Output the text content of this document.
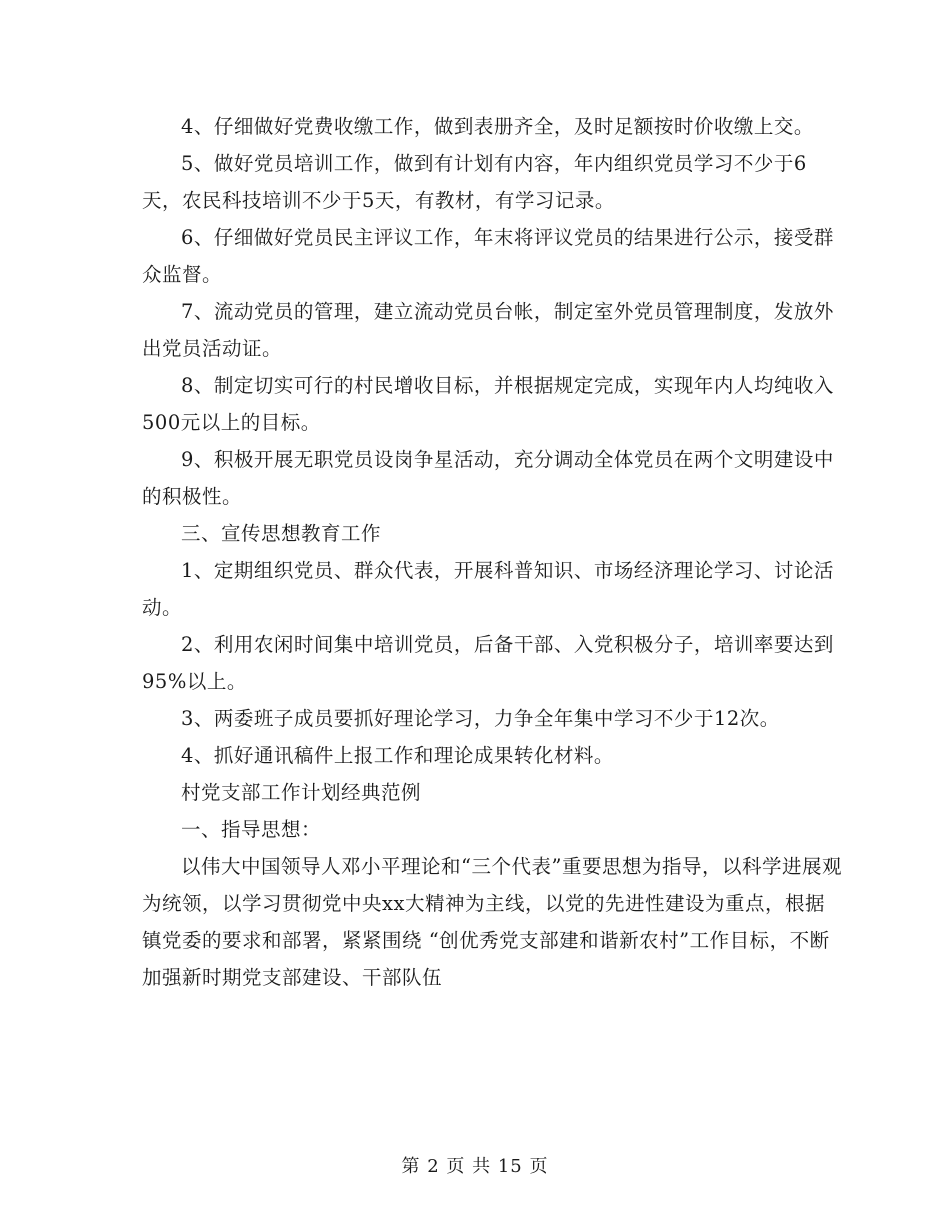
4、仔细做好党费收缴工作，做到表册齐全，及时足额按时价收缴上交。

5、做好党员培训工作，做到有计划有内容，年内组织党员学习不少于6天，农民科技培训不少于5天，有教材，有学习记录。

6、仔细做好党员民主评议工作，年末将评议党员的结果进行公示，接受群众监督。

7、流动党员的管理，建立流动党员台帐，制定室外党员管理制度，发放外出党员活动证。

8、制定切实可行的村民增收目标，并根据规定完成，实现年内人均纯收入500元以上的目标。

9、积极开展无职党员设岗争星活动，充分调动全体党员在两个文明建设中的积极性。

三、宣传思想教育工作

1、定期组织党员、群众代表，开展科普知识、市场经济理论学习、讨论活动。

2、利用农闲时间集中培训党员，后备干部、入党积极分子，培训率要达到95%以上。

3、两委班子成员要抓好理论学习，力争全年集中学习不少于12次。

4、抓好通讯稿件上报工作和理论成果转化材料。

村党支部工作计划经典范例

一、指导思想：

以伟大中国领导人邓小平理论和“三个代表”重要思想为指导，以科学进展观为统领，以学习贯彻党中央xx大精神为主线，以党的先进性建设为重点，根据镇党委的要求和部署，紧紧围绕 “创优秀党支部建和谐新农村”工作目标，不断加强新时期党支部建设、干部队伍

第 2 页 共 15 页
